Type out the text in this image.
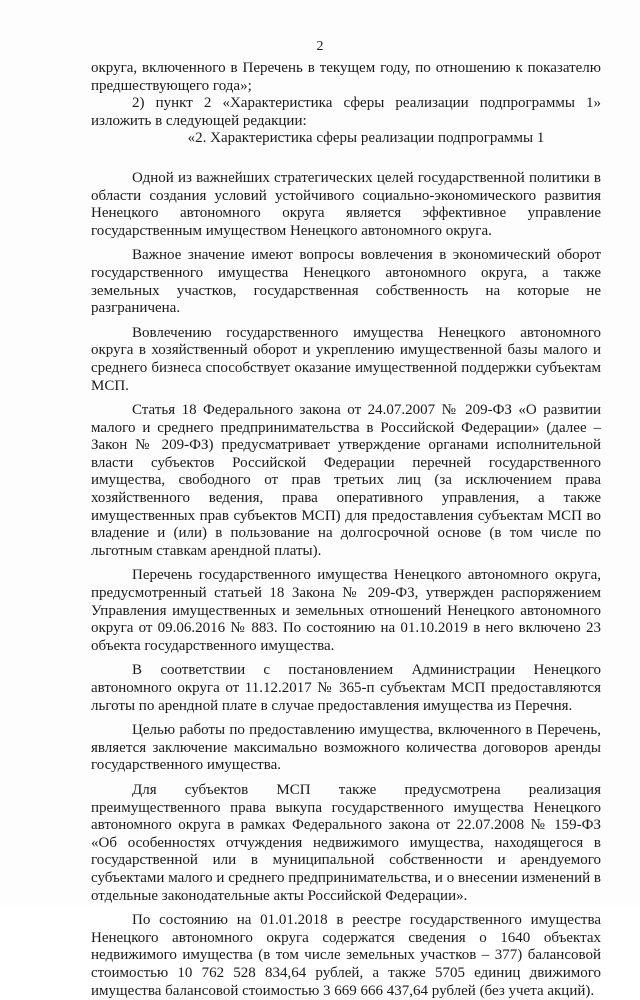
2

округа, включенного в Перечень в текущем году, по отношению к показателю предшествующего года»;

2) пункт 2 «Характеристика сферы реализации подпрограммы 1» изложить в следующей редакции:

«2. Характеристика сферы реализации подпрограммы 1

Одной из важнейших стратегических целей государственной политики в области создания условий устойчивого социально-экономического развития Ненецкого автономного округа является эффективное управление государственным имуществом Ненецкого автономного округа.

Важное значение имеют вопросы вовлечения в экономический оборот государственного имущества Ненецкого автономного округа, а также земельных участков, государственная собственность на которые не разграничена.

Вовлечению государственного имущества Ненецкого автономного округа в хозяйственный оборот и укреплению имущественной базы малого и среднего бизнеса способствует оказание имущественной поддержки субъектам МСП.

Статья 18 Федерального закона от 24.07.2007 № 209-ФЗ «О развитии малого и среднего предпринимательства в Российской Федерации» (далее – Закон № 209-ФЗ) предусматривает утверждение органами исполнительной власти субъектов Российской Федерации перечней государственного имущества, свободного от прав третьих лиц (за исключением права хозяйственного ведения, права оперативного управления, а также имущественных прав субъектов МСП) для предоставления субъектам МСП во владение и (или) в пользование на долгосрочной основе (в том числе по льготным ставкам арендной платы).

Перечень государственного имущества Ненецкого автономного округа, предусмотренный статьей 18 Закона № 209-ФЗ, утвержден распоряжением Управления имущественных и земельных отношений Ненецкого автономного округа от 09.06.2016 № 883. По состоянию на 01.10.2019 в него включено 23 объекта государственного имущества.

В соответствии с постановлением Администрации Ненецкого автономного округа от 11.12.2017 № 365-п субъектам МСП предоставляются льготы по арендной плате в случае предоставления имущества из Перечня.

Целью работы по предоставлению имущества, включенного в Перечень, является заключение максимально возможного количества договоров аренды государственного имущества.

Для субъектов МСП также предусмотрена реализация преимущественного права выкупа государственного имущества Ненецкого автономного округа в рамках Федерального закона от 22.07.2008 № 159-ФЗ «Об особенностях отчуждения недвижимого имущества, находящегося в государственной или в муниципальной собственности и арендуемого субъектами малого и среднего предпринимательства, и о внесении изменений в отдельные законодательные акты Российской Федерации».

По состоянию на 01.01.2018 в реестре государственного имущества Ненецкого автономного округа содержатся сведения о 1640 объектах недвижимого имущества (в том числе земельных участков – 377) балансовой стоимостью 10 762 528 834,64 рублей, а также 5705 единиц движимого имущества балансовой стоимостью 3 669 666 437,64 рублей (без учета акций).
